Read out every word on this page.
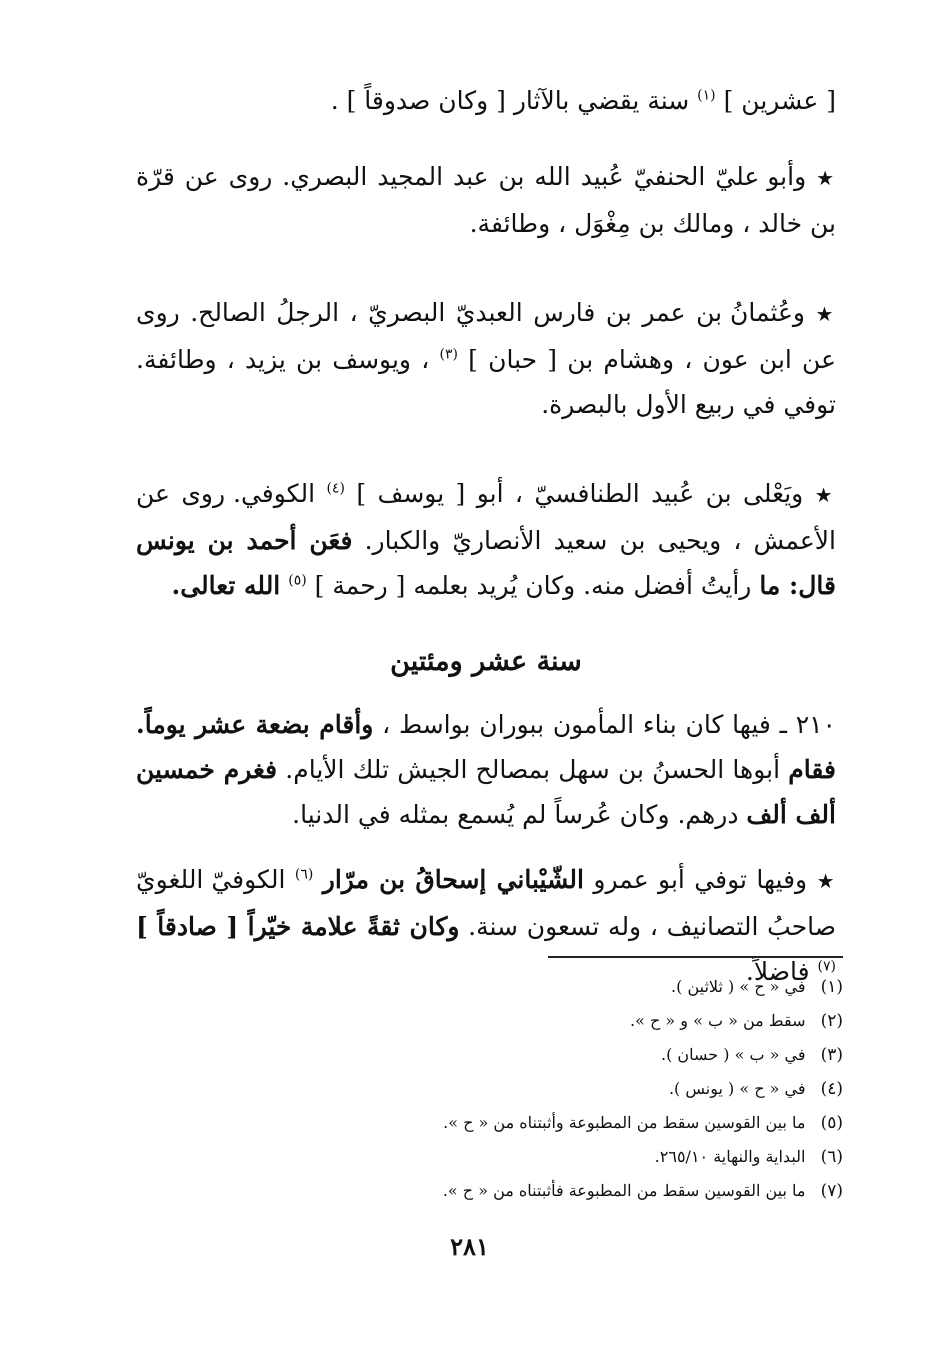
[ عشرين ] $^{(١)}$ سنة يقضي بالآثار [ وكان صدوقاً ] .

★ وأبو عليّ الحنفيّ عُبيد الله بن عبد المجيد البصري. روى عن قرّة بن خالد ، ومالك بن مِغْوَل ، وطائفة.

★ وعُثمانُ بن عمر بن فارس العبديّ البصريّ ، الرجلُ الصالح. روى عن ابن عون ، وهشام بن [ حبان ] $^{(٣)}$ ، ويوسف بن يزيد ، وطائفة. توفي في ربيع الأول بالبصرة.

★ ويَعْلى بن عُبيد الطنافسيّ ، أبو [ يوسف ] $^{(٤)}$ الكوفي. روى عن الأعمش ، ويحيى بن سعيد الأنصاريّ والكبار. فعَن أحمد بن يونس قال: ما رأيتُ أفضل منه. وكان يُريد بعلمه [ رحمة ] $^{(٥)}$ الله تعالى.

سنة عشر ومئتين

٢١٠ ـ فيها كان بناء المأمون ببوران بواسط ، وأقام بضعة عشر يوماً. فقام أبوها الحسنُ بن سهل بمصالح الجيش تلك الأيام. فغرم خمسين ألف ألف درهم. وكان عُرساً لم يُسمع بمثله في الدنيا.

★ وفيها توفي أبو عمرو الشّيْباني إسحاقُ بن مرّار $^{(٦)}$ الكوفيّ اللغويّ صاحبُ التصانيف ، وله تسعون سنة. وكان ثقةً علامة خيّراً [ صادقاً ] $^{(٧)}$ فاضلاً.

(١) في « ح » ( ثلاثين ).
(٢) سقط من « ب » و « ح ».
(٣) في « ب » ( حسان ).
(٤) في « ح » ( يونس ).
(٥) ما بين القوسين سقط من المطبوعة وأثبتناه من « ح ».
(٦) البداية والنهاية ٢٦٥/١٠.
(٧) ما بين القوسين سقط من المطبوعة فأثبتناه من « ح ».
٢٨١
